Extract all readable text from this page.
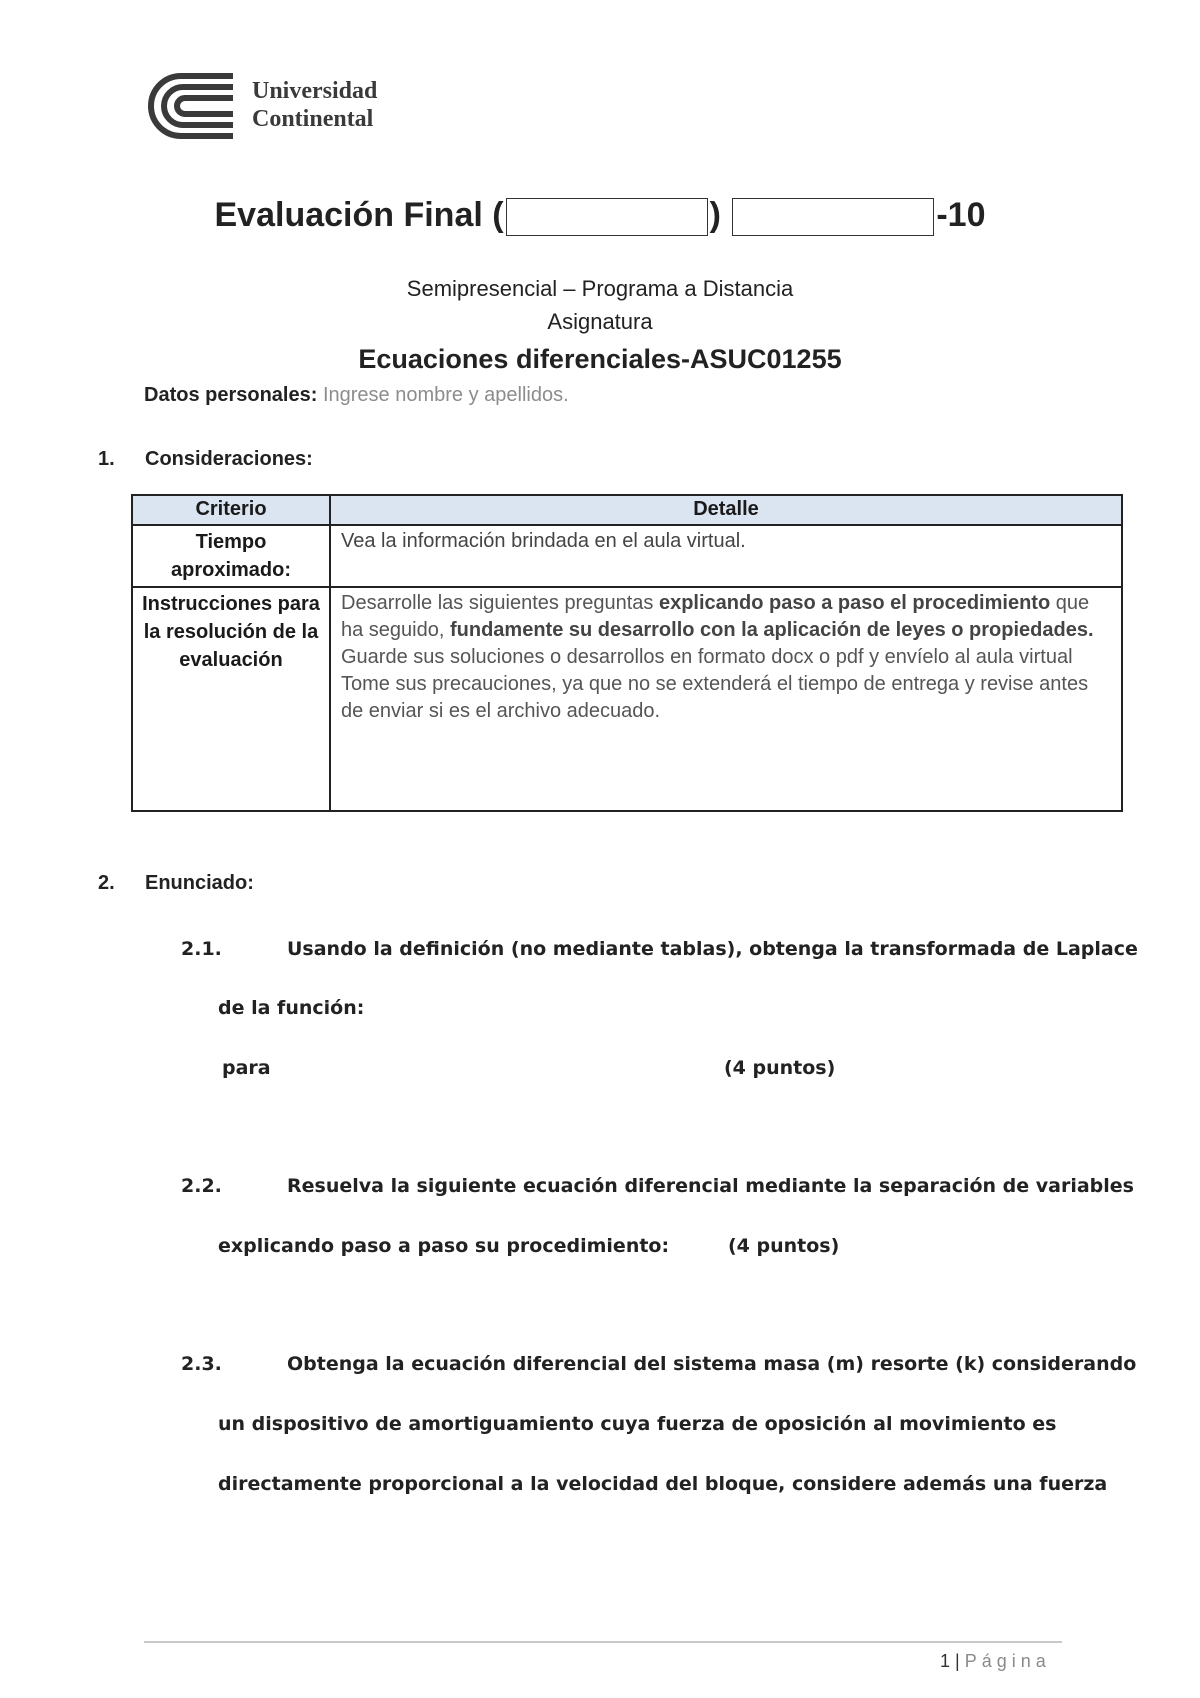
Universidad
Continental
Evaluación Final (	)	-10
Semipresencial – Programa a Distancia
Asignatura
Ecuaciones diferenciales-ASUC01255
Datos personales: Ingrese nombre y apellidos.
1. Consideraciones:
Criterio	Detalle
Tiempo aproximado:	Vea la información brindada en el aula virtual.
Instrucciones para la resolución de la evaluación	Desarrolle las siguientes preguntas explicando paso a paso el procedimiento que ha seguido, fundamente su desarrollo con la aplicación de leyes o propiedades.
Guarde sus soluciones o desarrollos en formato docx o pdf y envíelo al aula virtual
Tome sus precauciones, ya que no se extenderá el tiempo de entrega y revise antes de enviar si es el archivo adecuado.
2. Enunciado:
2.1.	Usando la definición (no mediante tablas), obtenga la transformada de Laplace
de la función:
para	(4 puntos)
2.2.	Resuelva la siguiente ecuación diferencial mediante la separación de variables
explicando paso a paso su procedimiento:	(4 puntos)
2.3.	Obtenga la ecuación diferencial del sistema masa (m) resorte (k) considerando
un dispositivo de amortiguamiento cuya fuerza de oposición al movimiento es
directamente proporcional a la velocidad del bloque, considere además una fuerza
1 | Página
